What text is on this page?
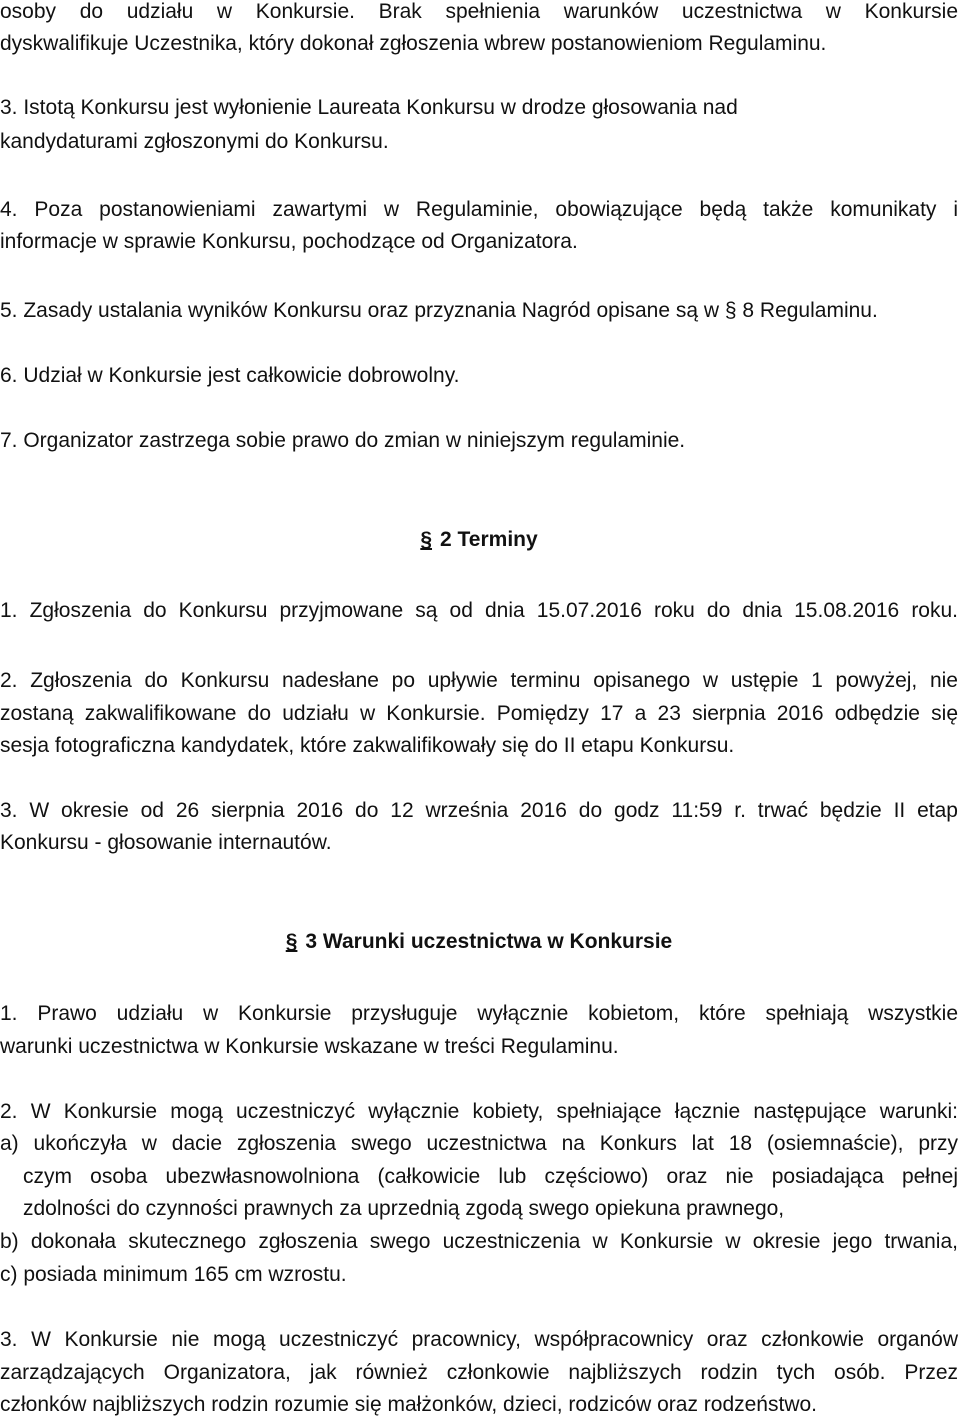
osoby do udziału w Konkursie. Brak spełnienia warunków uczestnictwa w Konkursie
dyskwalifikuje Uczestnika, który dokonał zgłoszenia wbrew postanowieniom Regulaminu.
3. Istotą Konkursu jest wyłonienie Laureata Konkursu w drodze głosowania nad
kandydaturami zgłoszonymi do Konkursu.
4. Poza postanowieniami zawartymi w Regulaminie, obowiązujące będą także komunikaty i
informacje w sprawie Konkursu, pochodzące od Organizatora.
5. Zasady ustalania wyników Konkursu oraz przyznania Nagród opisane są w § 8 Regulaminu.
6. Udział w Konkursie jest całkowicie dobrowolny.
7. Organizator zastrzega sobie prawo do zmian w niniejszym regulaminie.
§ 2 Terminy
1. Zgłoszenia do Konkursu przyjmowane są od dnia 15.07.2016 roku do dnia 15.08.2016 roku.
2. Zgłoszenia do Konkursu nadesłane po upływie terminu opisanego w ustępie 1 powyżej, nie
zostaną zakwalifikowane do udziału w Konkursie. Pomiędzy 17 a 23 sierpnia 2016 odbędzie się
sesja fotograficzna kandydatek, które zakwalifikowały się do II etapu Konkursu.
3. W okresie od 26 sierpnia 2016 do 12 września 2016 do godz 11:59 r. trwać będzie II etap
Konkursu - głosowanie internautów.
§ 3 Warunki uczestnictwa w Konkursie
1. Prawo udziału w Konkursie przysługuje wyłącznie kobietom, które spełniają wszystkie
warunki uczestnictwa w Konkursie wskazane w treści Regulaminu.
2. W Konkursie mogą uczestniczyć wyłącznie kobiety, spełniające łącznie następujące warunki:
a) ukończyła w dacie zgłoszenia swego uczestnictwa na Konkurs lat 18 (osiemnaście), przy
czym osoba ubezwłasnowolniona (całkowicie lub częściowo) oraz nie posiadająca pełnej
zdolności do czynności prawnych za uprzednią zgodą swego opiekuna prawnego,
b) dokonała skutecznego zgłoszenia swego uczestniczenia w Konkursie w okresie jego trwania,
c) posiada minimum 165 cm wzrostu.
3. W Konkursie nie mogą uczestniczyć pracownicy, współpracownicy oraz członkowie organów
zarządzających Organizatora, jak również członkowie najbliższych rodzin tych osób. Przez
członków najbliższych rodzin rozumie się małżonków, dzieci, rodziców oraz rodzeństwo.
